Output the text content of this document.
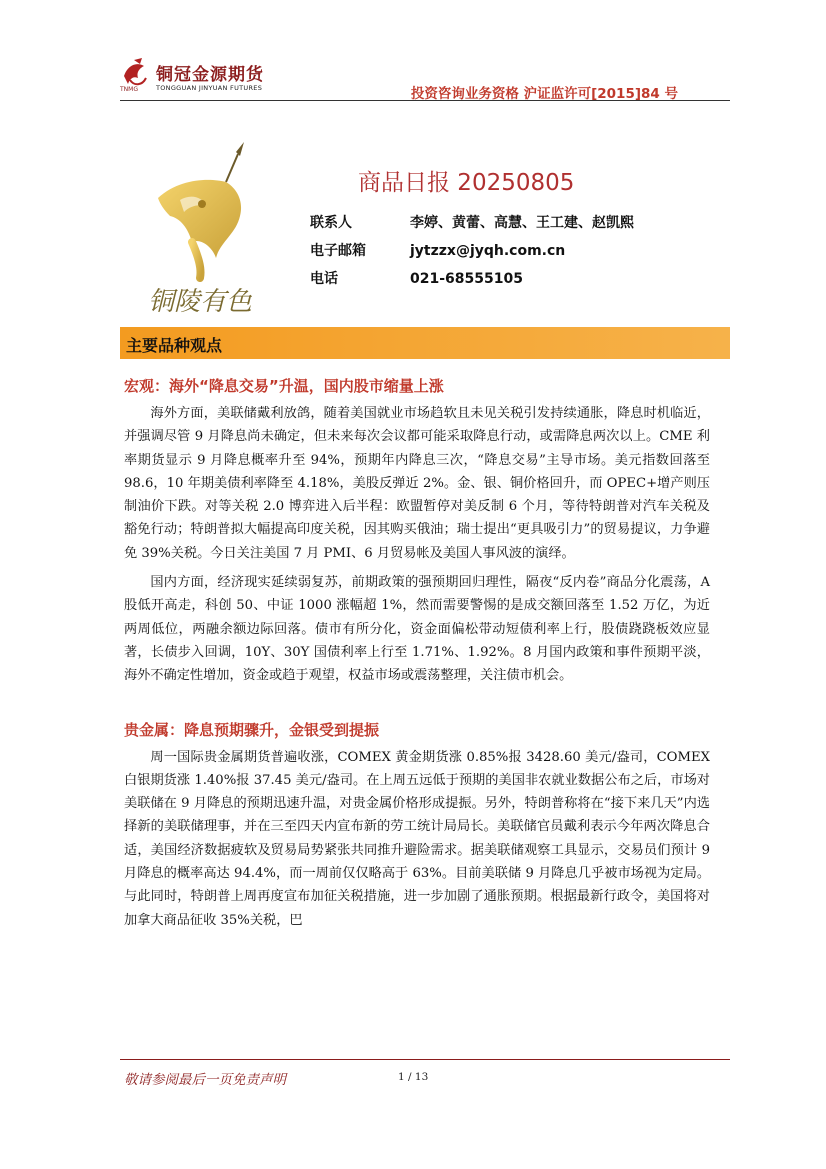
铜冠金源期货
TNMG	TONGGUAN JINYUAN FUTURES	投资咨询业务资格 沪证监许可[2015]84 号
铜陵有色
商品日报 20250805
联系人	李婷、黄蕾、高慧、王工建、赵凯熙
电子邮箱	jytzzx@jyqh.com.cn
电话	021-68555105
主要品种观点
宏观：海外“降息交易”升温，国内股市缩量上涨

海外方面，美联储戴利放鸽，随着美国就业市场趋软且未见关税引发持续通胀，降息时机临近，并强调尽管 9 月降息尚未确定，但未来每次会议都可能采取降息行动，或需降息两次以上。CME 利率期货显示 9 月降息概率升至 94%，预期年内降息三次，“降息交易”主导市场。美元指数回落至 98.6，10 年期美债利率降至 4.18%，美股反弹近 2%。金、银、铜价格回升，而 OPEC+增产则压制油价下跌。对等关税 2.0 博弈进入后半程：欧盟暂停对美反制 6 个月，等待特朗普对汽车关税及豁免行动；特朗普拟大幅提高印度关税，因其购买俄油；瑞士提出“更具吸引力”的贸易提议，力争避免 39%关税。今日关注美国 7 月 PMI、6 月贸易帐及美国人事风波的演绎。

国内方面，经济现实延续弱复苏，前期政策的强预期回归理性，隔夜“反内卷”商品分化震荡，A 股低开高走，科创 50、中证 1000 涨幅超 1%，然而需要警惕的是成交额回落至 1.52 万亿，为近两周低位，两融余额边际回落。债市有所分化，资金面偏松带动短债利率上行，股债跷跷板效应显著，长债步入回调，10Y、30Y 国债利率上行至 1.71%、1.92%。8 月国内政策和事件预期平淡，海外不确定性增加，资金或趋于观望，权益市场或震荡整理，关注债市机会。

贵金属：降息预期骤升，金银受到提振

周一国际贵金属期货普遍收涨，COMEX 黄金期货涨 0.85%报 3428.60 美元/盎司，COMEX 白银期货涨 1.40%报 37.45 美元/盎司。在上周五远低于预期的美国非农就业数据公布之后，市场对美联储在 9 月降息的预期迅速升温，对贵金属价格形成提振。另外，特朗普称将在“接下来几天”内选择新的美联储理事，并在三至四天内宣布新的劳工统计局局长。美联储官员戴利表示今年两次降息合适，美国经济数据疲软及贸易局势紧张共同推升避险需求。据美联储观察工具显示，交易员们预计 9 月降息的概率高达 94.4%，而一周前仅仅略高于 63%。目前美联储 9 月降息几乎被市场视为定局。与此同时，特朗普上周再度宣布加征关税措施，进一步加剧了通胀预期。根据最新行政令，美国将对加拿大商品征收 35%关税，巴

敬请参阅最后一页免责声明	1 / 13
